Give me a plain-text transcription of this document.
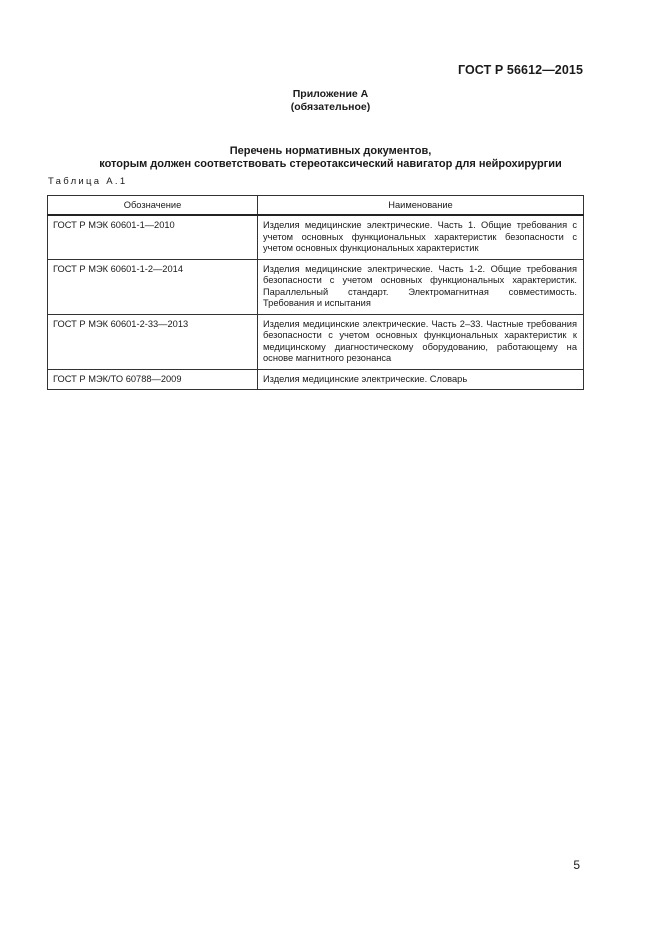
ГОСТ Р 56612—2015
Приложение А
(обязательное)
Перечень нормативных документов,
которым должен соответствовать стереотаксический навигатор для нейрохирургии
Таблица А.1
Обозначение	Наименование
ГОСТ Р МЭК 60601-1—2010	Изделия медицинские электрические. Часть 1. Общие требования с учетом основных функциональных характеристик безопасности с учетом основных функциональных характеристик
ГОСТ Р МЭК 60601-1-2—2014	Изделия медицинские электрические. Часть 1-2. Общие требования безопасности с учетом основных функциональных характеристик. Параллельный стандарт. Электромагнитная совместимость. Требования и испытания
ГОСТ Р МЭК 60601-2-33—2013	Изделия медицинские электрические. Часть 2–33. Частные требования безопасности с учетом основных функциональных характеристик к медицинскому диагностическому оборудованию, работающему на основе магнитного резонанса
ГОСТ Р МЭК/ТО 60788—2009	Изделия медицинские электрические. Словарь
5
